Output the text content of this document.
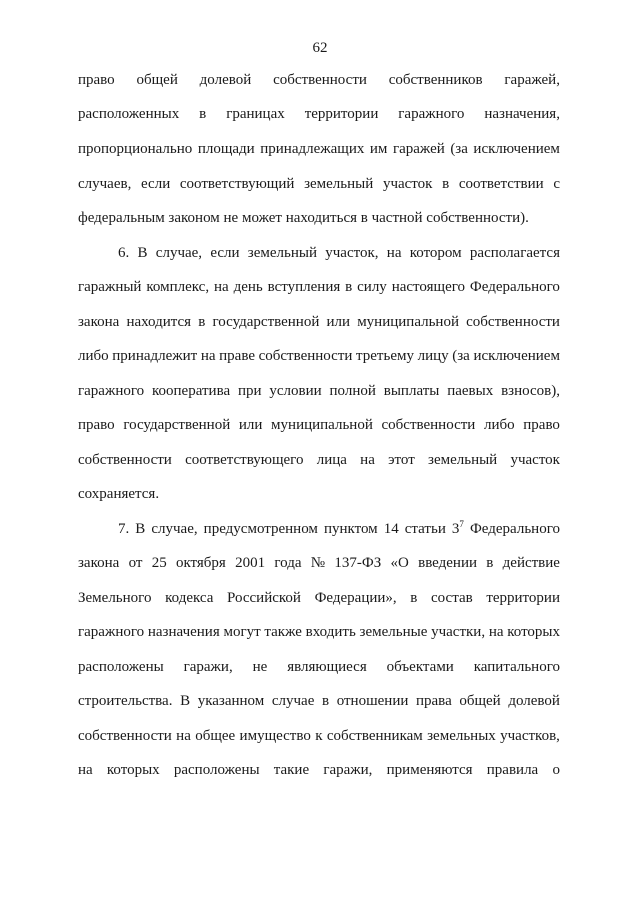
62
право общей долевой собственности собственников гаражей,
расположенных в границах территории гаражного назначения,
пропорционально площади принадлежащих им гаражей (за исключением
случаев, если соответствующий земельный участок в соответствии с
федеральным законом не может находиться в частной собственности).
6. В случае, если земельный участок, на котором располагается
гаражный комплекс, на день вступления в силу настоящего Федерального
закона находится в государственной или муниципальной собственности
либо принадлежит на праве собственности третьему лицу (за исключением
гаражного кооператива при условии полной выплаты паевых взносов),
право государственной или муниципальной собственности либо право
собственности соответствующего лица на этот земельный участок
сохраняется.
7. В случае, предусмотренном пунктом 14 статьи $3^7$ Федерального
закона от 25 октября 2001 года № 137-ФЗ «О введении в действие
Земельного кодекса Российской Федерации», в состав территории
гаражного назначения могут также входить земельные участки, на которых
расположены гаражи, не являющиеся объектами капитального
строительства. В указанном случае в отношении права общей долевой
собственности на общее имущество к собственникам земельных участков,
на которых расположены такие гаражи, применяются правила о
